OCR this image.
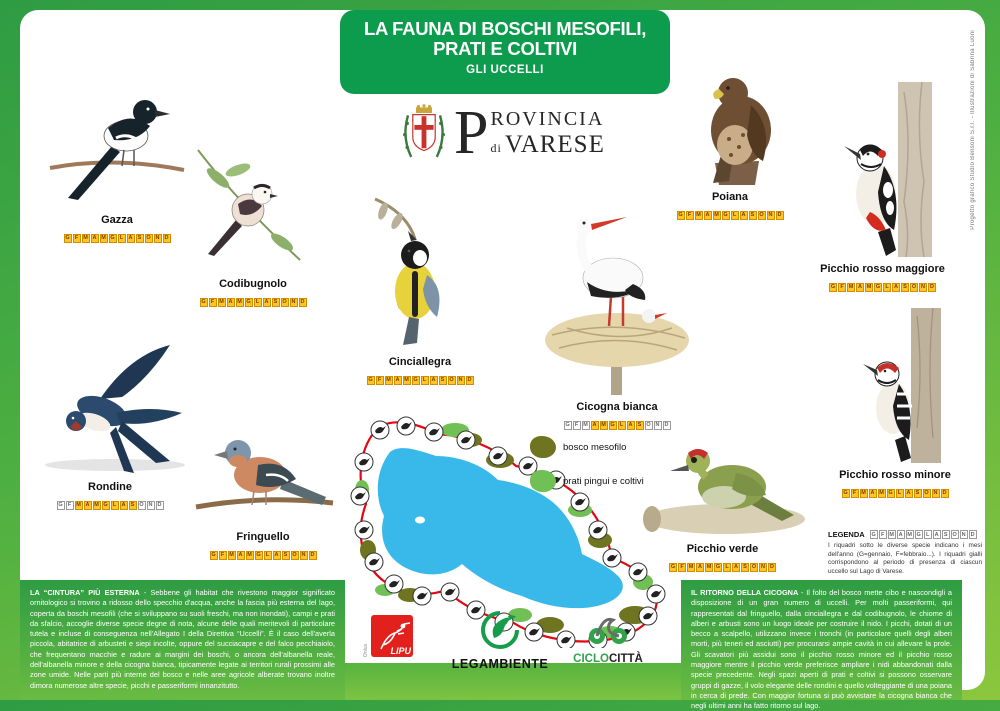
LA FAUNA DI BOSCHI MESOFILI,
PRATI E COLTIVI
GLI UCCELLI
P ROVINCIA
di VARESE	Progetto grafico Studio Bensoni S.r.l. - Illustrazioni di Sabrina Luoni
bosco mesofilo
prati pingui e coltivi
Gazza
G F M A M G L A S O N D
Codibugnolo
G F M A M G L A S O N D
Rondine
G F M A M G L A S O N D
Fringuello
G F M A M G L A S O N D
Cinciallegra
G F M A M G L A S O N D
Cicogna bianca
G F M A M G L A S O N D
Poiana
G F M A M G L A S O N D
Picchio rosso maggiore
G F M A M G L A S O N D
Picchio rosso minore
G F M A M G L A S O N D
Picchio verde
G F M A M G L A S O N D
LEGENDA	G F M A M G L A S O N D
I riquadri sotto le diverse specie indicano i mesi dell'anno (G=gennaio, F=febbraio...). I riquadri gialli corrispondono al periodo di presenza di ciascun uccello sul Lago di Varese.
LA “CINTURA” PIÙ ESTERNA - Sebbene gli habitat che rivestono maggior significato ornitologico si trovino a ridosso dello specchio d'acqua, anche la fascia più esterna del lago, coperta da boschi mesofili (che si sviluppano su suoli freschi, ma non inondati), campi e prati da sfalcio, accoglie diverse specie degne di nota, alcune delle quali meritevoli di particolare tutela e incluse di conseguenza nell'Allegato I della Direttiva “Uccelli”. È il caso dell'averla piccola, abitatrice di arbusteti e siepi incolte, oppure del succiacapre e del falco pecchiaiolo, che frequentano macchie e radure ai margini dei boschi, o ancora dell'albanella reale, dell'albanella minore e della cicogna bianca, tipicamente legate ai territori rurali prossimi alle zone umide. Nelle parti più interne del bosco e nelle aree agricole alberate trovano inoltre dimora numerose altre specie, picchi e passeriformi innanzitutto.
IL RITORNO DELLA CICOGNA - Il folto del bosco mette cibo e nascondigli a disposizione di un gran numero di uccelli. Per molti passeriformi, qui rappresentati dal fringuello, dalla cinciallegra e dal codibugnolo, le chiome di alberi e arbusti sono un luogo ideale per costruire il nido. I picchi, dotati di un becco a scalpello, utilizzano invece i tronchi (in particolare quelli degli alberi morti, più teneri ed asciutti) per procurarsi ampie cavità in cui allevare la prole. Gli scavatori più assidui sono il picchio rosso minore ed il picchio rosso maggiore mentre il picchio verde preferisce ampliare i nidi abbandonati dalla specie precedente. Negli spazi aperti di prati e coltivi si possono osservare gruppi di gazze, il volo elegante delle rondini e quello volteggiante di una poiana in cerca di prede. Con maggior fortuna si può avvistare la cicogna bianca che negli ultimi anni ha fatto ritorno sul lago.
Onlus LIPU
LEGAMBIENTE	CICLOCITTÀ
